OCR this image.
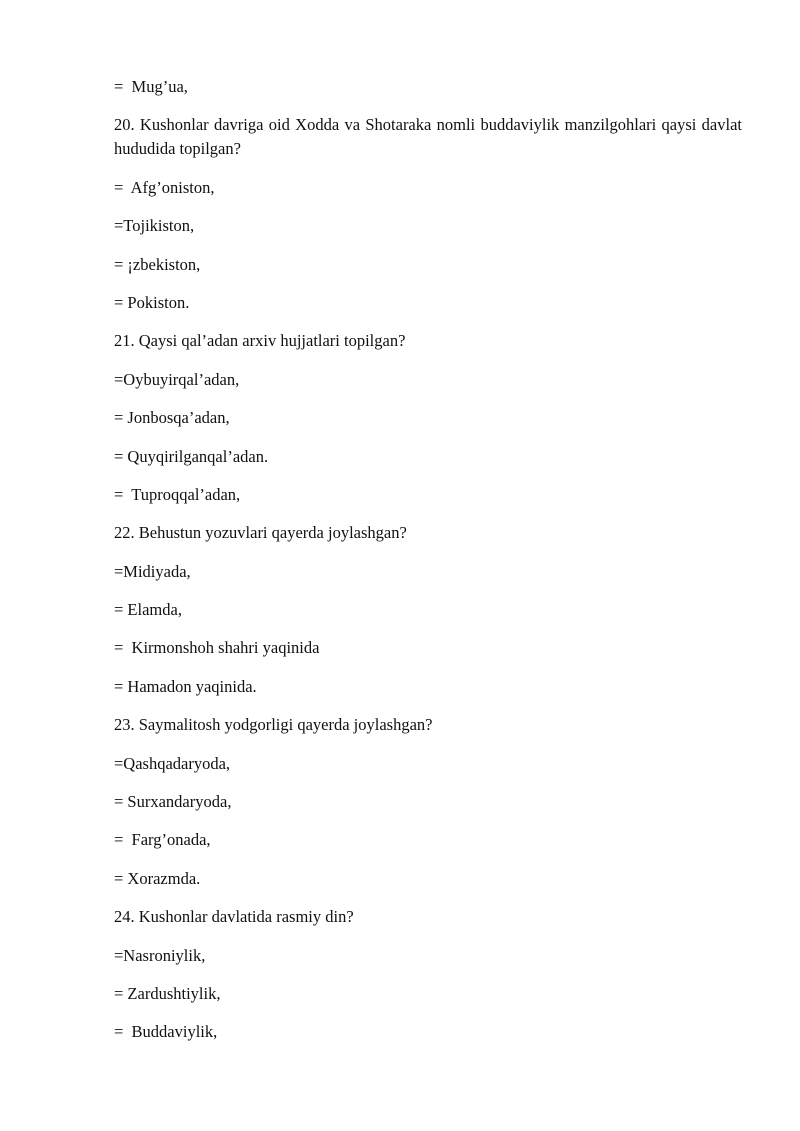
=  Mug’ua,
20. Kushonlar davriga oid Xodda va Shotaraka nomli buddaviylik manzilgohlari qaysi davlat hududida topilgan?
=  Afg’oniston,
=Tojikiston,
= ¡zbekiston,
= Pokiston.
21. Qaysi qal’adan arxiv hujjatlari topilgan?
=Oybuyirqal’adan,
= Jonbosqa’adan,
= Quyqirilganqal’adan.
=  Tuproqqal’adan,
22. Behustun yozuvlari qayerda joylashgan?
=Midiyada,
= Elamda,
=  Kirmonshoh shahri yaqinida
= Hamadon yaqinida.
23. Saymalitosh yodgorligi qayerda joylashgan?
=Qashqadaryoda,
= Surxandaryoda,
=  Farg’onada,
= Xorazmda.
24. Kushonlar davlatida rasmiy din?
=Nasroniylik,
= Zardushtiylik,
=  Buddaviylik,
